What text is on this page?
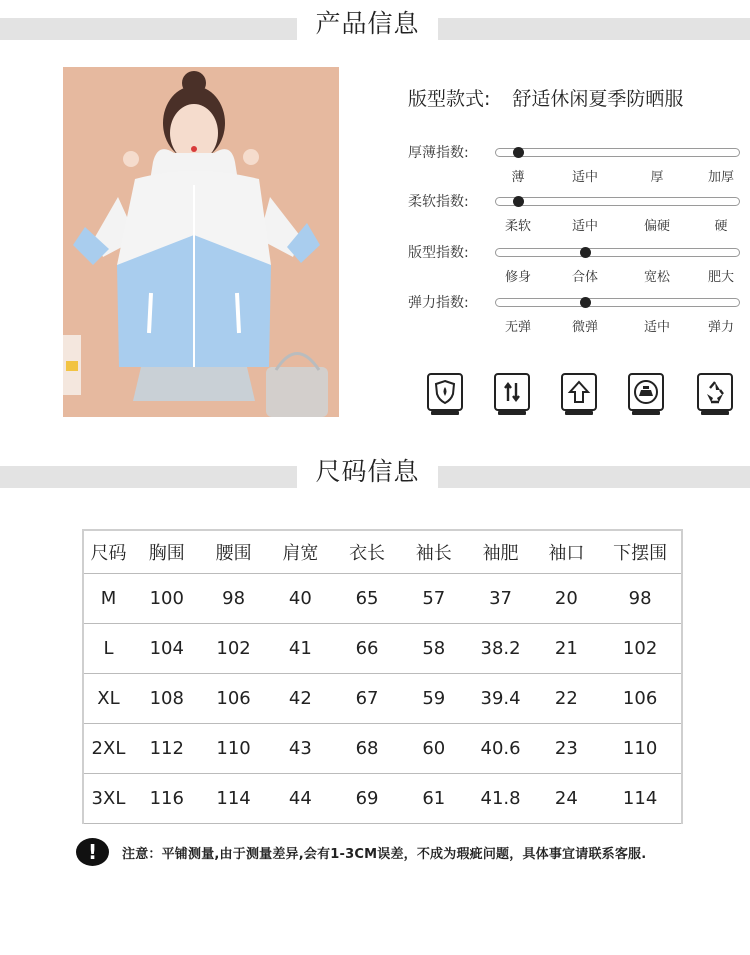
产品信息
版型款式: 舒适休闲夏季防晒服
厚薄指数:
薄	适中	厚	加厚
柔软指数:
柔软	适中	偏硬	硬
版型指数:
修身	合体	宽松	肥大
弹力指数:
无弹	微弹	适中	弹力
尺码信息
尺码	胸围	腰围	肩宽	衣长	袖长	袖肥	袖口	下摆围
M	100	98	40	65	57	37	20	98
L	104	102	41	66	58	38.2	21	102
XL	108	106	42	67	59	39.4	22	106
2XL	112	110	43	68	60	40.6	23	110
3XL	116	114	44	69	61	41.8	24	114
!	注意：平铺测量,由于测量差异,会有1-3CM误差，不成为瑕疵问题，具体事宜请联系客服.
